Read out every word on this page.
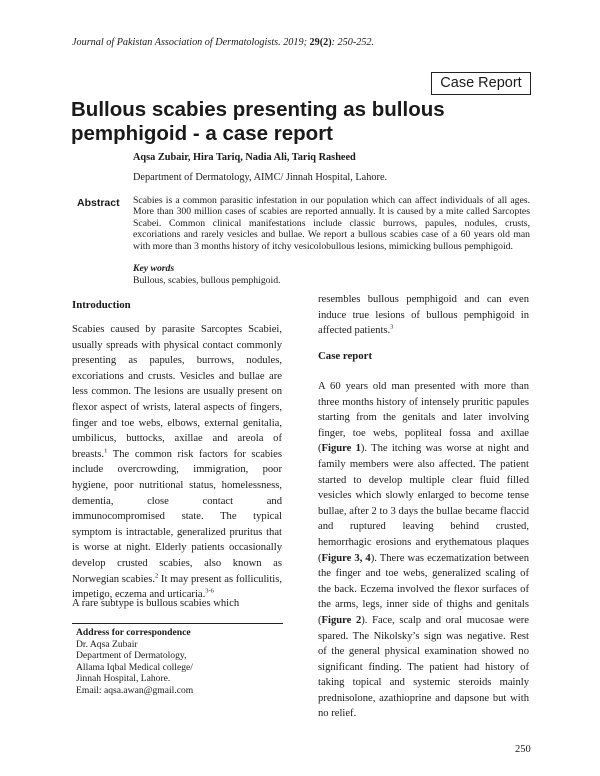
Journal of Pakistan Association of Dermatologists. 2019; 29(2): 250-252.
Case Report
Bullous scabies presenting as bullous pemphigoid - a case report
Aqsa Zubair, Hira Tariq, Nadia Ali, Tariq Rasheed
Department of Dermatology, AIMC/ Jinnah Hospital, Lahore.
Abstract Scabies is a common parasitic infestation in our population which can affect individuals of all ages. More than 300 million cases of scabies are reported annually. It is caused by a mite called Sarcoptes Scabei. Common clinical manifestations include classic burrows, papules, nodules, crusts, excoriations and rarely vesicles and bullae. We report a bullous scabies case of a 60 years old man with more than 3 months history of itchy vesicolobullous lesions, mimicking bullous pemphigoid.

Key words
Bullous, scabies, bullous pemphigoid.
Introduction

Scabies caused by parasite Sarcoptes Scabiei, usually spreads with physical contact commonly presenting as papules, burrows, nodules, excoriations and crusts. Vesicles and bullae are less common. The lesions are usually present on flexor aspect of wrists, lateral aspects of fingers, finger and toe webs, elbows, external genitalia, umbilicus, buttocks, axillae and areola of breasts.$^1$ The common risk factors for scabies include overcrowding, immigration, poor hygiene, poor nutritional status, homelessness, dementia, close contact and immunocompromised state. The typical symptom is intractable, generalized pruritus that is worse at night. Elderly patients occasionally develop crusted scabies, also known as Norwegian scabies.$^2$ It may present as folliculitis, impetigo, eczema and urticaria.$^{3-6}$

A rare subtype is bullous scabies which

resembles bullous pemphigoid and can even induce true lesions of bullous pemphigoid in affected patients.$^3$

Case report

A 60 years old man presented with more than three months history of intensely pruritic papules starting from the genitals and later involving finger, toe webs, popliteal fossa and axillae (Figure 1). The itching was worse at night and family members were also affected. The patient started to develop multiple clear fluid filled vesicles which slowly enlarged to become tense bullae, after 2 to 3 days the bullae became flaccid and ruptured leaving behind crusted, hemorrhagic erosions and erythematous plaques (Figure 3, 4). There was eczematization between the finger and toe webs, generalized scaling of the back. Eczema involved the flexor surfaces of the arms, legs, inner side of thighs and genitals (Figure 2). Face, scalp and oral mucosae were spared. The Nikolsky’s sign was negative. Rest of the general physical examination showed no significant finding. The patient had history of taking topical and systemic steroids mainly prednisolone, azathioprine and dapsone but with no relief.

Address for correspondence
Dr. Aqsa Zubair
Department of Dermatology,
Allama Iqbal Medical college/
Jinnah Hospital, Lahore.
Email: aqsa.awan@gmail.com
250
